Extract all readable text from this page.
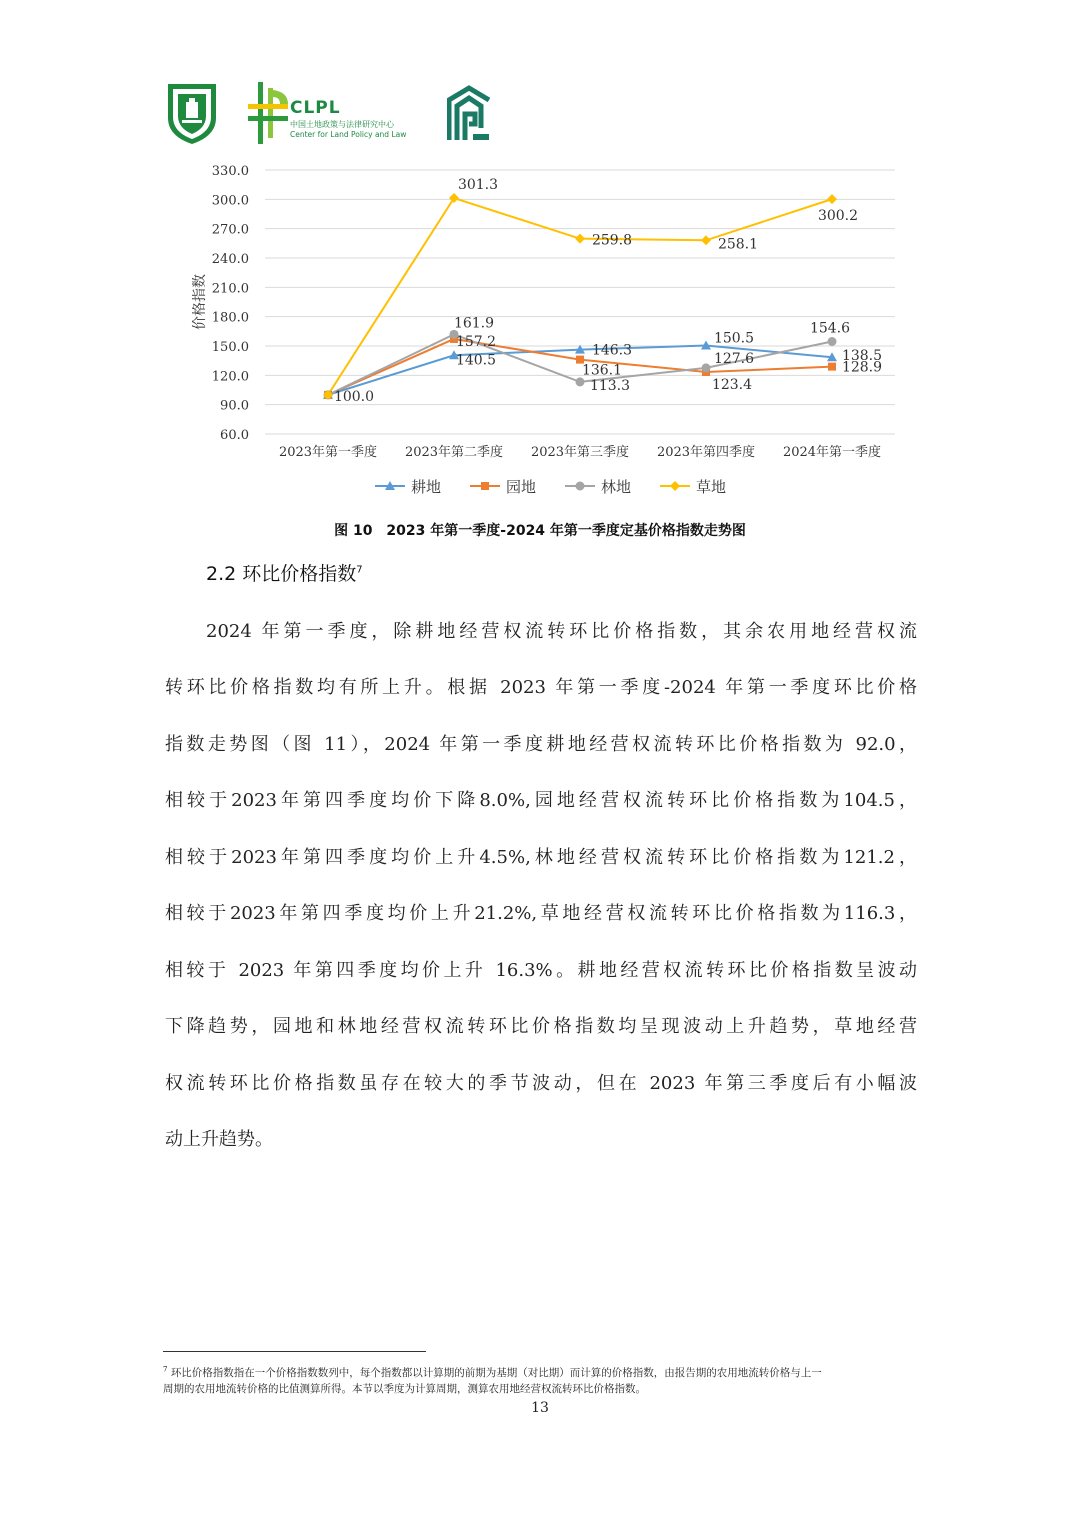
CLPL
中国土地政策与法律研究中心
Center for Land Policy and Law
330.0
300.0
270.0
240.0
210.0
180.0
150.0
120.0
90.0
60.0
价格指数
2023年第一季度 2023年第二季度 2023年第三季度 2023年第四季度 2024年第一季度
100.0
301.3
259.8	258.1
300.2
161.9
157.2
140.5
146.3
136.1
113.3
150.5
127.6
123.4
154.6
138.5
128.9
耕地	园地	林地	草地
图 10　2023 年第一季度-2024 年第一季度定基价格指数走势图
2.2 环比价格指数$^7$
2024 年第一季度，除耕地经营权流转环比价格指数，其余农用地经营权流
转环比价格指数均有所上升。根据 2023 年第一季度-2024 年第一季度环比价格
指数走势图（图 11），2024 年第一季度耕地经营权流转环比价格指数为 92.0，
相较于2023年第四季度均价下降8.0%,园地经营权流转环比价格指数为104.5，
相较于2023年第四季度均价上升4.5%,林地经营权流转环比价格指数为121.2，
相较于2023年第四季度均价上升21.2%,草地经营权流转环比价格指数为116.3，
相较于 2023 年第四季度均价上升 16.3%。耕地经营权流转环比价格指数呈波动
下降趋势，园地和林地经营权流转环比价格指数均呈现波动上升趋势，草地经营
权流转环比价格指数虽存在较大的季节波动，但在 2023 年第三季度后有小幅波
动上升趋势。
$^7$ 环比价格指数指在一个价格指数数列中，每个指数都以计算期的前期为基期（对比期）而计算的价格指数，由报告期的农用地流转价格与上一
周期的农用地流转价格的比值测算所得。本节以季度为计算周期，测算农用地经营权流转环比价格指数。
13
